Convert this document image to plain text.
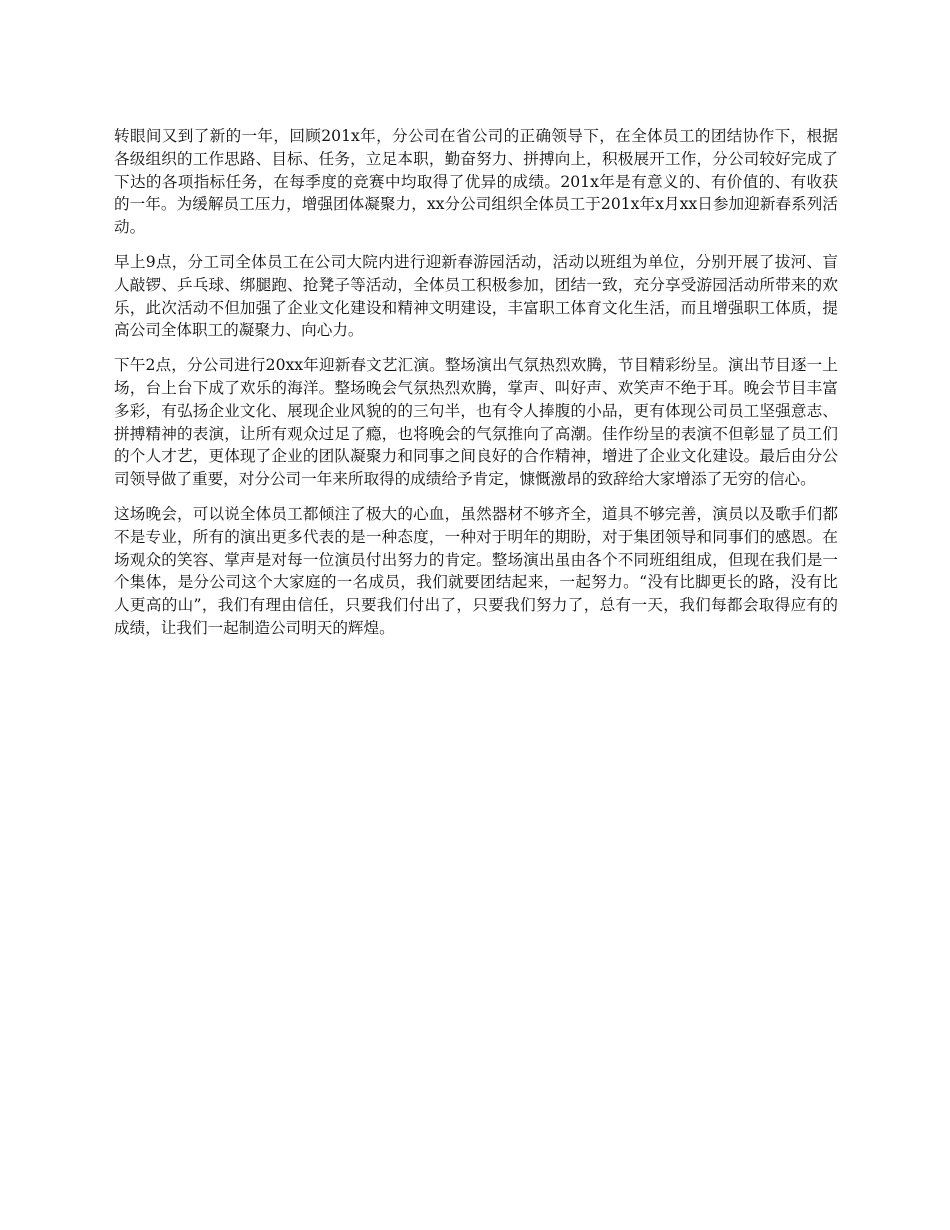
转眼间又到了新的一年，回顾201x年，分公司在省公司的正确领导下，在全体员工的团结协作下，根据各级组织的工作思路、目标、任务，立足本职，勤奋努力、拼搏向上，积极展开工作，分公司较好完成了下达的各项指标任务，在每季度的竞赛中均取得了优异的成绩。201x年是有意义的、有价值的、有收获的一年。为缓解员工压力，增强团体凝聚力，xx分公司组织全体员工于201x年x月xx日参加迎新春系列活动。

早上9点，分工司全体员工在公司大院内进行迎新春游园活动，活动以班组为单位，分别开展了拔河、盲人敲锣、乒乓球、绑腿跑、抢凳子等活动，全体员工积极参加，团结一致，充分享受游园活动所带来的欢乐，此次活动不但加强了企业文化建设和精神文明建设，丰富职工体育文化生活，而且增强职工体质，提高公司全体职工的凝聚力、向心力。

下午2点，分公司进行20xx年迎新春文艺汇演。整场演出气氛热烈欢腾，节目精彩纷呈。演出节目逐一上场，台上台下成了欢乐的海洋。整场晚会气氛热烈欢腾，掌声、叫好声、欢笑声不绝于耳。晚会节目丰富多彩，有弘扬企业文化、展现企业风貌的的三句半，也有令人捧腹的小品，更有体现公司员工坚强意志、拼搏精神的表演，让所有观众过足了瘾，也将晚会的气氛推向了高潮。佳作纷呈的表演不但彰显了员工们的个人才艺，更体现了企业的团队凝聚力和同事之间良好的合作精神，增进了企业文化建设。最后由分公司领导做了重要，对分公司一年来所取得的成绩给予肯定，慷慨激昂的致辞给大家增添了无穷的信心。

这场晚会，可以说全体员工都倾注了极大的心血，虽然器材不够齐全，道具不够完善，演员以及歌手们都不是专业，所有的演出更多代表的是一种态度，一种对于明年的期盼，对于集团领导和同事们的感恩。在场观众的笑容、掌声是对每一位演员付出努力的肯定。整场演出虽由各个不同班组组成，但现在我们是一个集体，是分公司这个大家庭的一名成员，我们就要团结起来，一起努力。“没有比脚更长的路，没有比人更高的山”，我们有理由信任，只要我们付出了，只要我们努力了，总有一天，我们每都会取得应有的成绩，让我们一起制造公司明天的辉煌。
